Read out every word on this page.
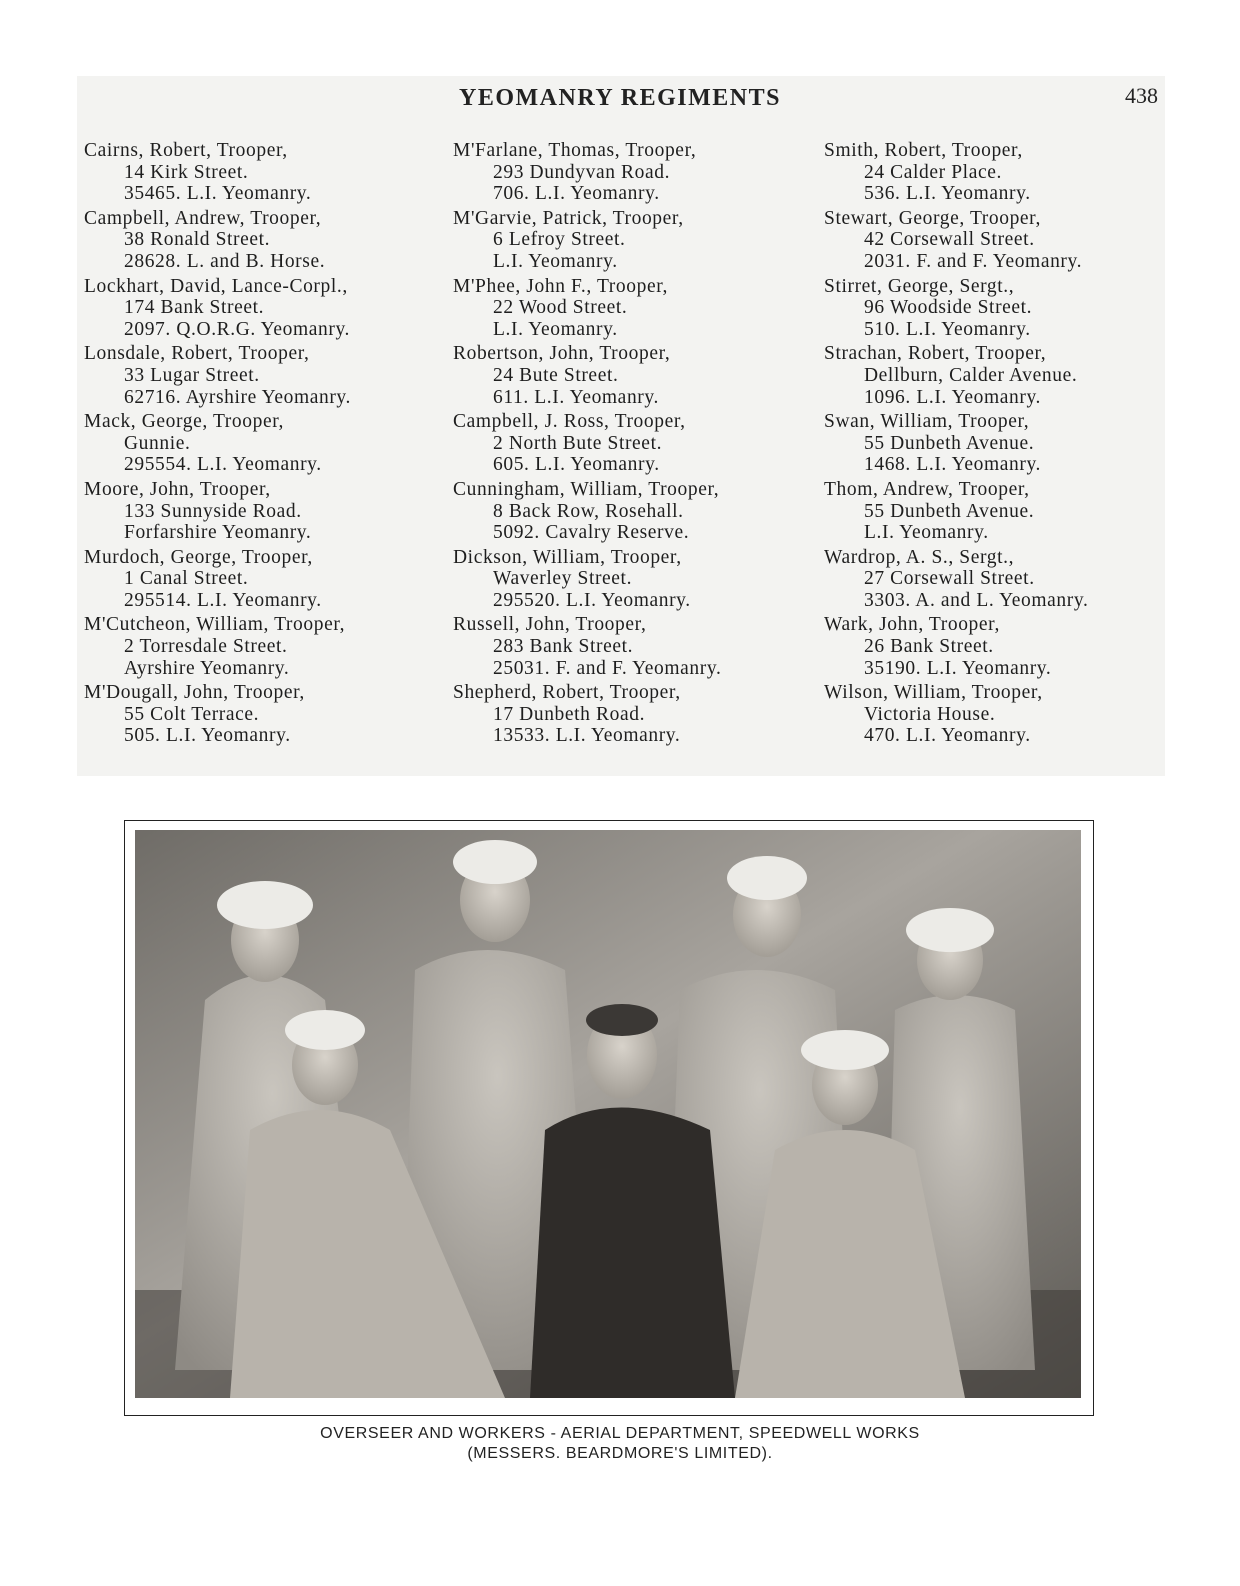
YEOMANRY REGIMENTS	438
Cairns, Robert, Trooper,
14 Kirk Street.
35465. L.I. Yeomanry.
Campbell, Andrew, Trooper,
38 Ronald Street.
28628. L. and B. Horse.
Lockhart, David, Lance-Corpl.,
174 Bank Street.
2097. Q.O.R.G. Yeomanry.
Lonsdale, Robert, Trooper,
33 Lugar Street.
62716. Ayrshire Yeomanry.
Mack, George, Trooper,
Gunnie.
295554. L.I. Yeomanry.
Moore, John, Trooper,
133 Sunnyside Road.
Forfarshire Yeomanry.
Murdoch, George, Trooper,
1 Canal Street.
295514. L.I. Yeomanry.
M'Cutcheon, William, Trooper,
2 Torresdale Street.
Ayrshire Yeomanry.
M'Dougall, John, Trooper,
55 Colt Terrace.
505. L.I. Yeomanry.
M'Farlane, Thomas, Trooper,
293 Dundyvan Road.
706. L.I. Yeomanry.
M'Garvie, Patrick, Trooper,
6 Lefroy Street.
L.I. Yeomanry.
M'Phee, John F., Trooper,
22 Wood Street.
L.I. Yeomanry.
Robertson, John, Trooper,
24 Bute Street.
611. L.I. Yeomanry.
Campbell, J. Ross, Trooper,
2 North Bute Street.
605. L.I. Yeomanry.
Cunningham, William, Trooper,
8 Back Row, Rosehall.
5092. Cavalry Reserve.
Dickson, William, Trooper,
Waverley Street.
295520. L.I. Yeomanry.
Russell, John, Trooper,
283 Bank Street.
25031. F. and F. Yeomanry.
Shepherd, Robert, Trooper,
17 Dunbeth Road.
13533. L.I. Yeomanry.
Smith, Robert, Trooper,
24 Calder Place.
536. L.I. Yeomanry.
Stewart, George, Trooper,
42 Corsewall Street.
2031. F. and F. Yeomanry.
Stirret, George, Sergt.,
96 Woodside Street.
510. L.I. Yeomanry.
Strachan, Robert, Trooper,
Dellburn, Calder Avenue.
1096. L.I. Yeomanry.
Swan, William, Trooper,
55 Dunbeth Avenue.
1468. L.I. Yeomanry.
Thom, Andrew, Trooper,
55 Dunbeth Avenue.
L.I. Yeomanry.
Wardrop, A. S., Sergt.,
27 Corsewall Street.
3303. A. and L. Yeomanry.
Wark, John, Trooper,
26 Bank Street.
35190. L.I. Yeomanry.
Wilson, William, Trooper,
Victoria House.
470. L.I. Yeomanry.
OVERSEER AND WORKERS - AERIAL DEPARTMENT, SPEEDWELL WORKS
(MESSERS. BEARDMORE'S LIMITED).
